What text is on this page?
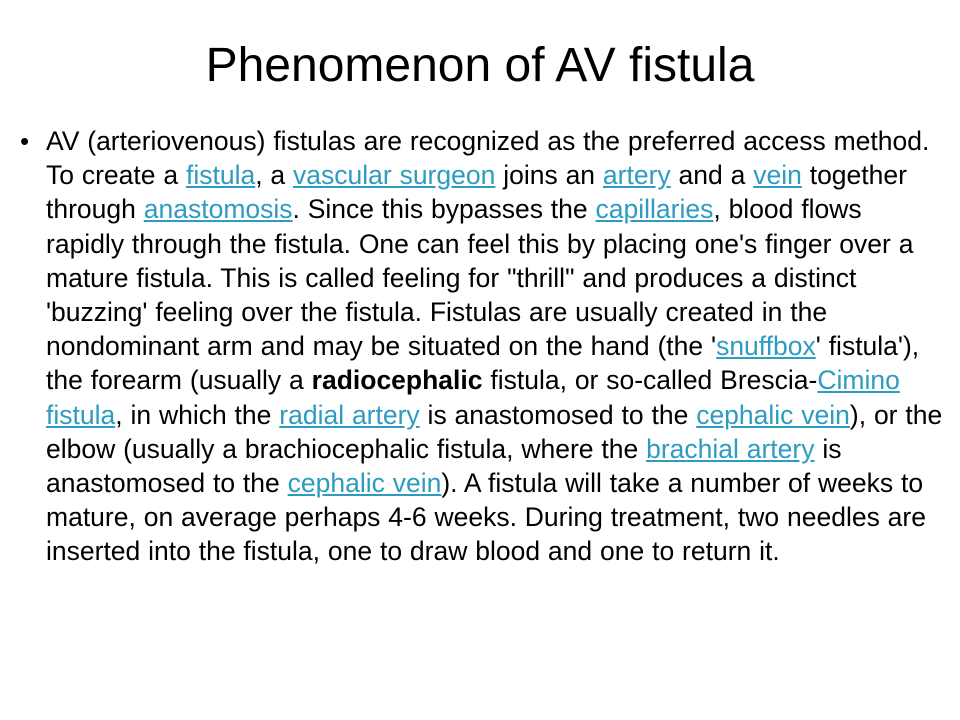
Phenomenon of AV fistula
• AV (arteriovenous) fistulas are recognized as the preferred access method. To create a fistula, a vascular surgeon joins an artery and a vein together through anastomosis. Since this bypasses the capillaries, blood flows rapidly through the fistula. One can feel this by placing one's finger over a mature fistula. This is called feeling for "thrill" and produces a distinct 'buzzing' feeling over the fistula. Fistulas are usually created in the nondominant arm and may be situated on the hand (the 'snuffbox' fistula'), the forearm (usually a radiocephalic fistula, or so-called Brescia-Cimino fistula, in which the radial artery is anastomosed to the cephalic vein), or the elbow (usually a brachiocephalic fistula, where the brachial artery is anastomosed to the cephalic vein). A fistula will take a number of weeks to mature, on average perhaps 4-6 weeks. During treatment, two needles are inserted into the fistula, one to draw blood and one to return it.
